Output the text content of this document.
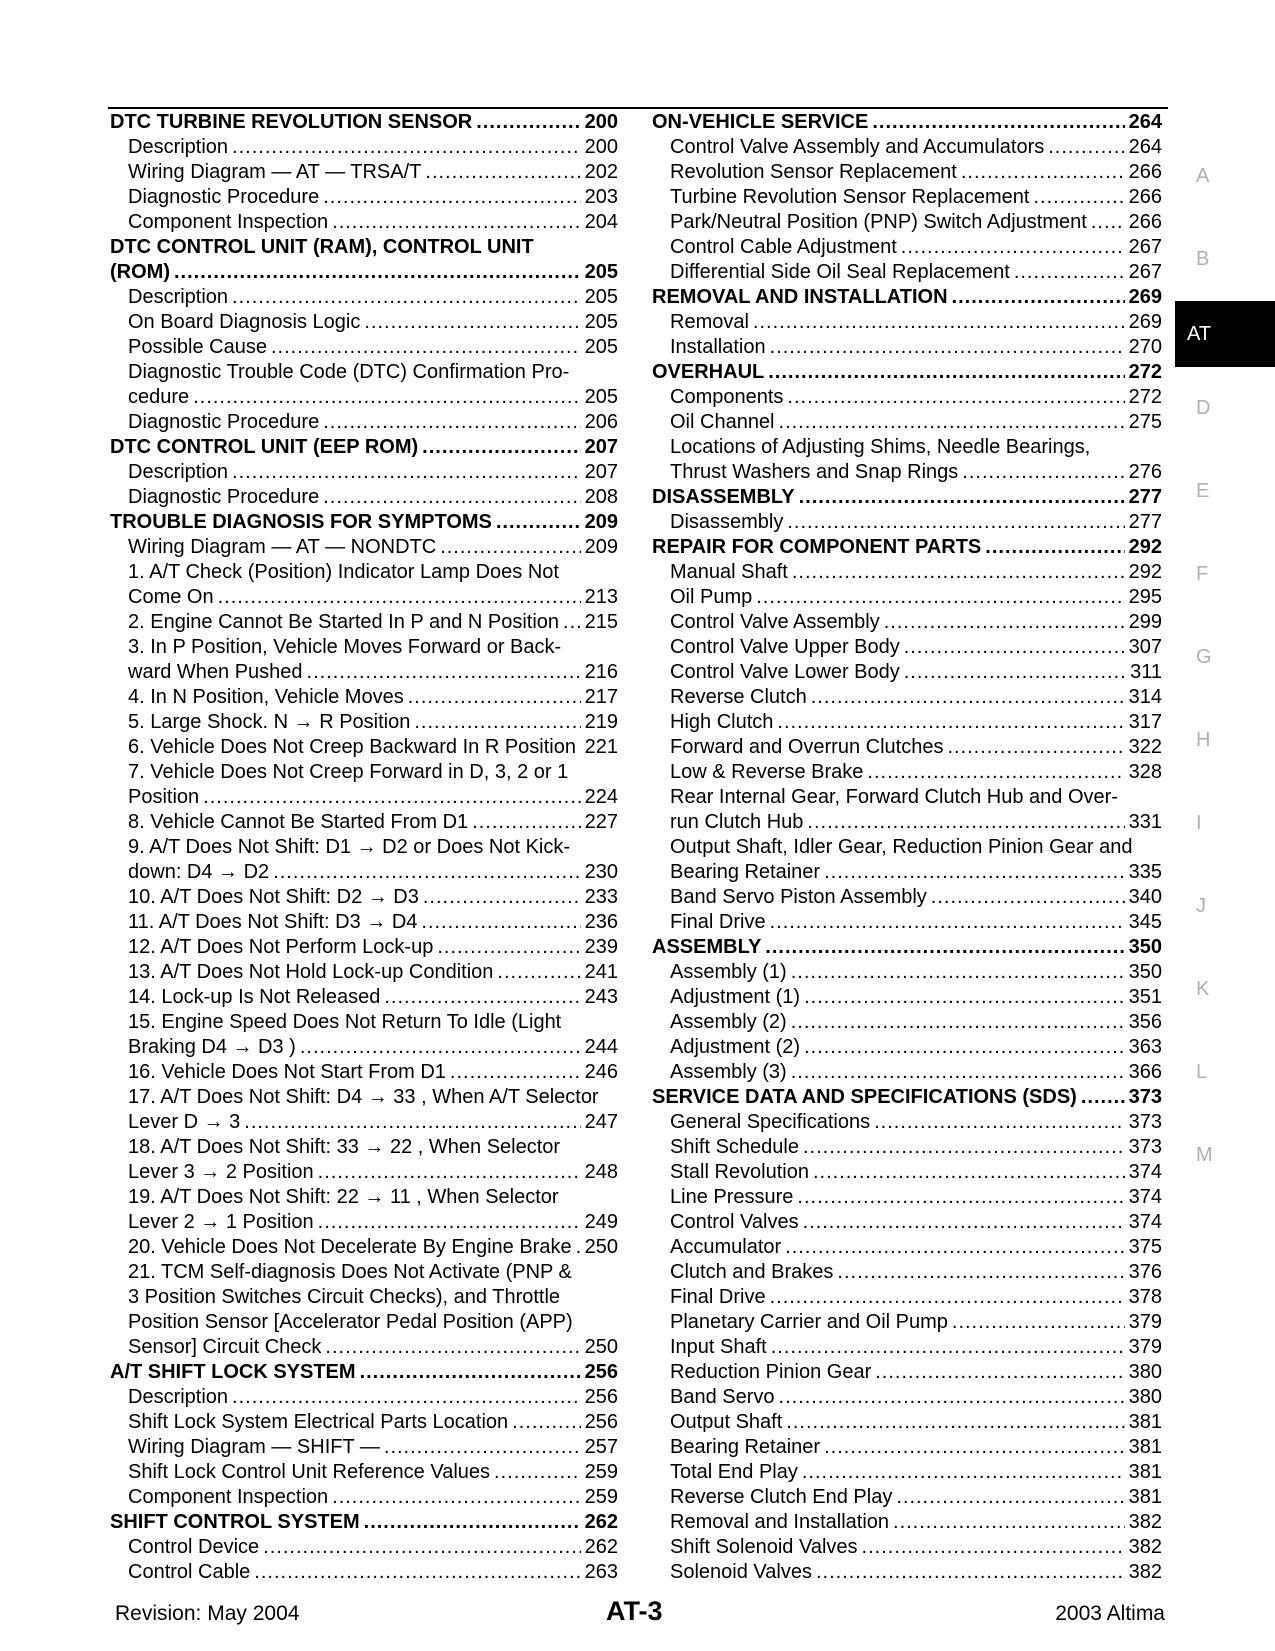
DTC TURBINE REVOLUTION SENSOR .....	200
Description .....	200
Wiring Diagram — AT — TRSA/T .....	202
Diagnostic Procedure .....	203
Component Inspection .....	204
DTC CONTROL UNIT (RAM), CONTROL UNIT
(ROM) .....	205
Description .....	205
On Board Diagnosis Logic .....	205
Possible Cause .....	205
Diagnostic Trouble Code (DTC) Confirmation Pro-
cedure .....	205
Diagnostic Procedure .....	206
DTC CONTROL UNIT (EEP ROM) .....	207
Description .....	207
Diagnostic Procedure .....	208
TROUBLE DIAGNOSIS FOR SYMPTOMS .....	209
Wiring Diagram — AT — NONDTC .....	209
1. A/T Check (Position) Indicator Lamp Does Not
Come On .....	213
2. Engine Cannot Be Started In P and N Position ..... 215
3. In P Position, Vehicle Moves Forward or Back-
ward When Pushed .....	216
4. In N Position, Vehicle Moves .....	217
5. Large Shock. N → R Position .....	219
6. Vehicle Does Not Creep Backward In R Position ..... 221
7. Vehicle Does Not Creep Forward in D, 3, 2 or 1
Position .....	224
8. Vehicle Cannot Be Started From D1 .....	227
9. A/T Does Not Shift: D1 → D2 or Does Not Kick-
down: D4 → D2 .....	230
10. A/T Does Not Shift: D2 → D3 .....	233
11. A/T Does Not Shift: D3 → D4 .....	236
12. A/T Does Not Perform Lock-up .....	239
13. A/T Does Not Hold Lock-up Condition .....	241
14. Lock-up Is Not Released .....	243
15. Engine Speed Does Not Return To Idle (Light
Braking D4 → D3 ) .....	244
16. Vehicle Does Not Start From D1 .....	246
17. A/T Does Not Shift: D4 → 33 , When A/T Selector
Lever D → 3 .....	247
18. A/T Does Not Shift: 33 → 22 , When Selector
Lever 3 → 2 Position .....	248
19. A/T Does Not Shift: 22 → 11 , When Selector
Lever 2 → 1 Position .....	249
20. Vehicle Does Not Decelerate By Engine Brake ..... 250
21. TCM Self-diagnosis Does Not Activate (PNP &
3 Position Switches Circuit Checks), and Throttle
Position Sensor [Accelerator Pedal Position (APP)
Sensor] Circuit Check .....	250
A/T SHIFT LOCK SYSTEM .....	256
Description .....	256
Shift Lock System Electrical Parts Location .....	256
Wiring Diagram — SHIFT — .....	257
Shift Lock Control Unit Reference Values .....	259
Component Inspection .....	259
SHIFT CONTROL SYSTEM .....	262
Control Device .....	262
Control Cable .....	263
ON-VEHICLE SERVICE .....	264
Control Valve Assembly and Accumulators .....	264
Revolution Sensor Replacement .....	266
Turbine Revolution Sensor Replacement .....	266
Park/Neutral Position (PNP) Switch Adjustment ..... 266
Control Cable Adjustment .....	267
Differential Side Oil Seal Replacement .....	267
REMOVAL AND INSTALLATION .....	269
Removal .....	269
Installation .....	270
OVERHAUL .....	272
Components .....	272
Oil Channel .....	275
Locations of Adjusting Shims, Needle Bearings,
Thrust Washers and Snap Rings .....	276
DISASSEMBLY .....	277
Disassembly .....	277
REPAIR FOR COMPONENT PARTS .....	292
Manual Shaft .....	292
Oil Pump .....	295
Control Valve Assembly .....	299
Control Valve Upper Body .....	307
Control Valve Lower Body .....	311
Reverse Clutch .....	314
High Clutch .....	317
Forward and Overrun Clutches .....	322
Low & Reverse Brake .....	328
Rear Internal Gear, Forward Clutch Hub and Over-
run Clutch Hub .....	331
Output Shaft, Idler Gear, Reduction Pinion Gear and
Bearing Retainer .....	335
Band Servo Piston Assembly .....	340
Final Drive .....	345
ASSEMBLY .....	350
Assembly (1) .....	350
Adjustment (1) .....	351
Assembly (2) .....	356
Adjustment (2) .....	363
Assembly (3) .....	366
SERVICE DATA AND SPECIFICATIONS (SDS) .....	373
General Specifications .....	373
Shift Schedule .....	373
Stall Revolution .....	374
Line Pressure .....	374
Control Valves .....	374
Accumulator .....	375
Clutch and Brakes .....	376
Final Drive .....	378
Planetary Carrier and Oil Pump .....	379
Input Shaft .....	379
Reduction Pinion Gear .....	380
Band Servo .....	380
Output Shaft .....	381
Bearing Retainer .....	381
Total End Play .....	381
Reverse Clutch End Play .....	381
Removal and Installation .....	382
Shift Solenoid Valves .....	382
Solenoid Valves .....	382
A
B
AT
D
E
F
G
H
I
J
K
L
M
Revision: May 2004	AT-3	2003 Altima
